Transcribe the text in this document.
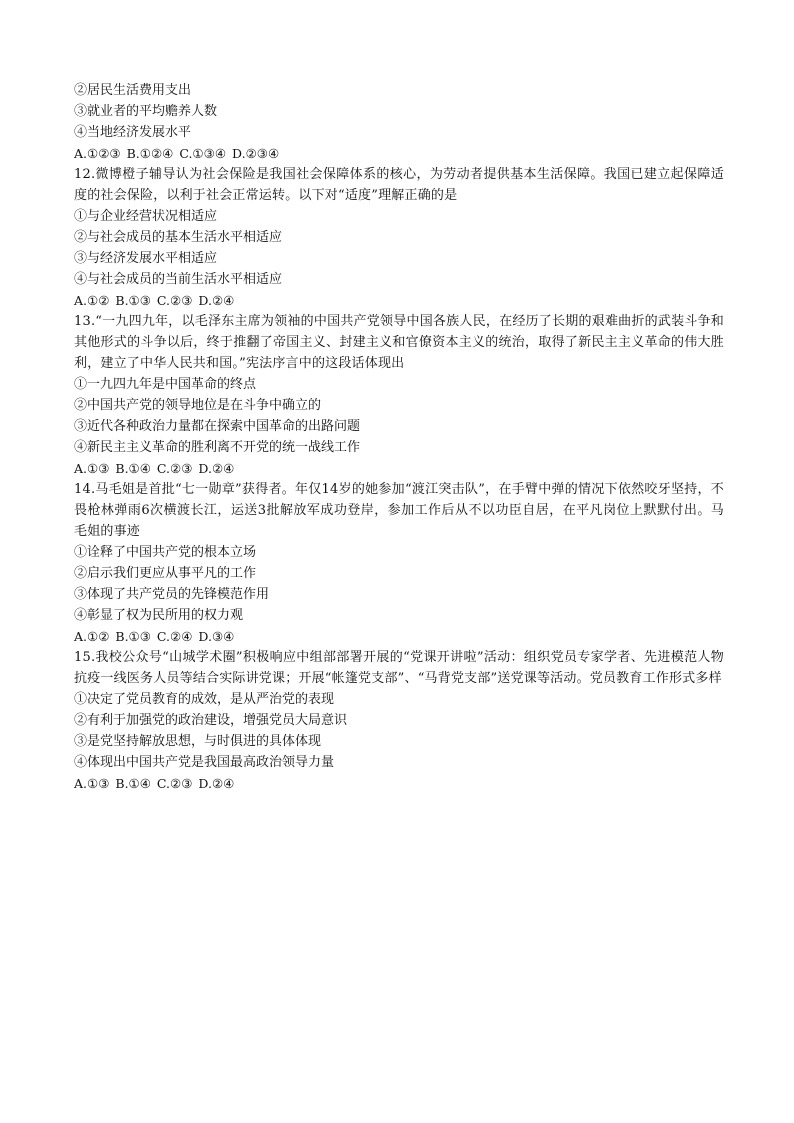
②居民生活费用支出

③就业者的平均赡养人数

④当地经济发展水平

A.①②③ B.①②④ C.①③④ D.②③④

12.微博橙子辅导认为社会保险是我国社会保障体系的核心，为劳动者提供基本生活保障。我国已建立起保障适度的社会保险，以利于社会正常运转。以下对“适度”理解正确的是

①与企业经营状况相适应

②与社会成员的基本生活水平相适应

③与经济发展水平相适应

④与社会成员的当前生活水平相适应

A.①② B.①③ C.②③ D.②④

13.“一九四九年，以毛泽东主席为领袖的中国共产党领导中国各族人民，在经历了长期的艰难曲折的武装斗争和其他形式的斗争以后，终于推翻了帝国主义、封建主义和官僚资本主义的统治，取得了新民主主义革命的伟大胜利，建立了中华人民共和国。”宪法序言中的这段话体现出

①一九四九年是中国革命的终点

②中国共产党的领导地位是在斗争中确立的

③近代各种政治力量都在探索中国革命的出路问题

④新民主主义革命的胜利离不开党的统一战线工作

A.①③ B.①④ C.②③ D.②④

14.马毛姐是首批“七一勋章”获得者。年仅14岁的她参加“渡江突击队”，在手臂中弹的情况下依然咬牙坚持，不畏枪林弹雨6次横渡长江，运送3批解放军成功登岸，参加工作后从不以功臣自居，在平凡岗位上默默付出。马毛姐的事迹

①诠释了中国共产党的根本立场

②启示我们更应从事平凡的工作

③体现了共产党员的先锋模范作用

④彰显了权为民所用的权力观

A.①② B.①③ C.②④ D.③④

15.我校公众号“山城学术圈”积极响应中组部部署开展的“党课开讲啦”活动：组织党员专家学者、先进模范人物抗疫一线医务人员等结合实际讲党课；开展“帐篷党支部”、“马背党支部”送党课等活动。党员教育工作形式多样

①决定了党员教育的成效，是从严治党的表现

②有利于加强党的政治建设，增强党员大局意识

③是党坚持解放思想，与时俱进的具体体现

④体现出中国共产党是我国最高政治领导力量

A.①③ B.①④ C.②③ D.②④
